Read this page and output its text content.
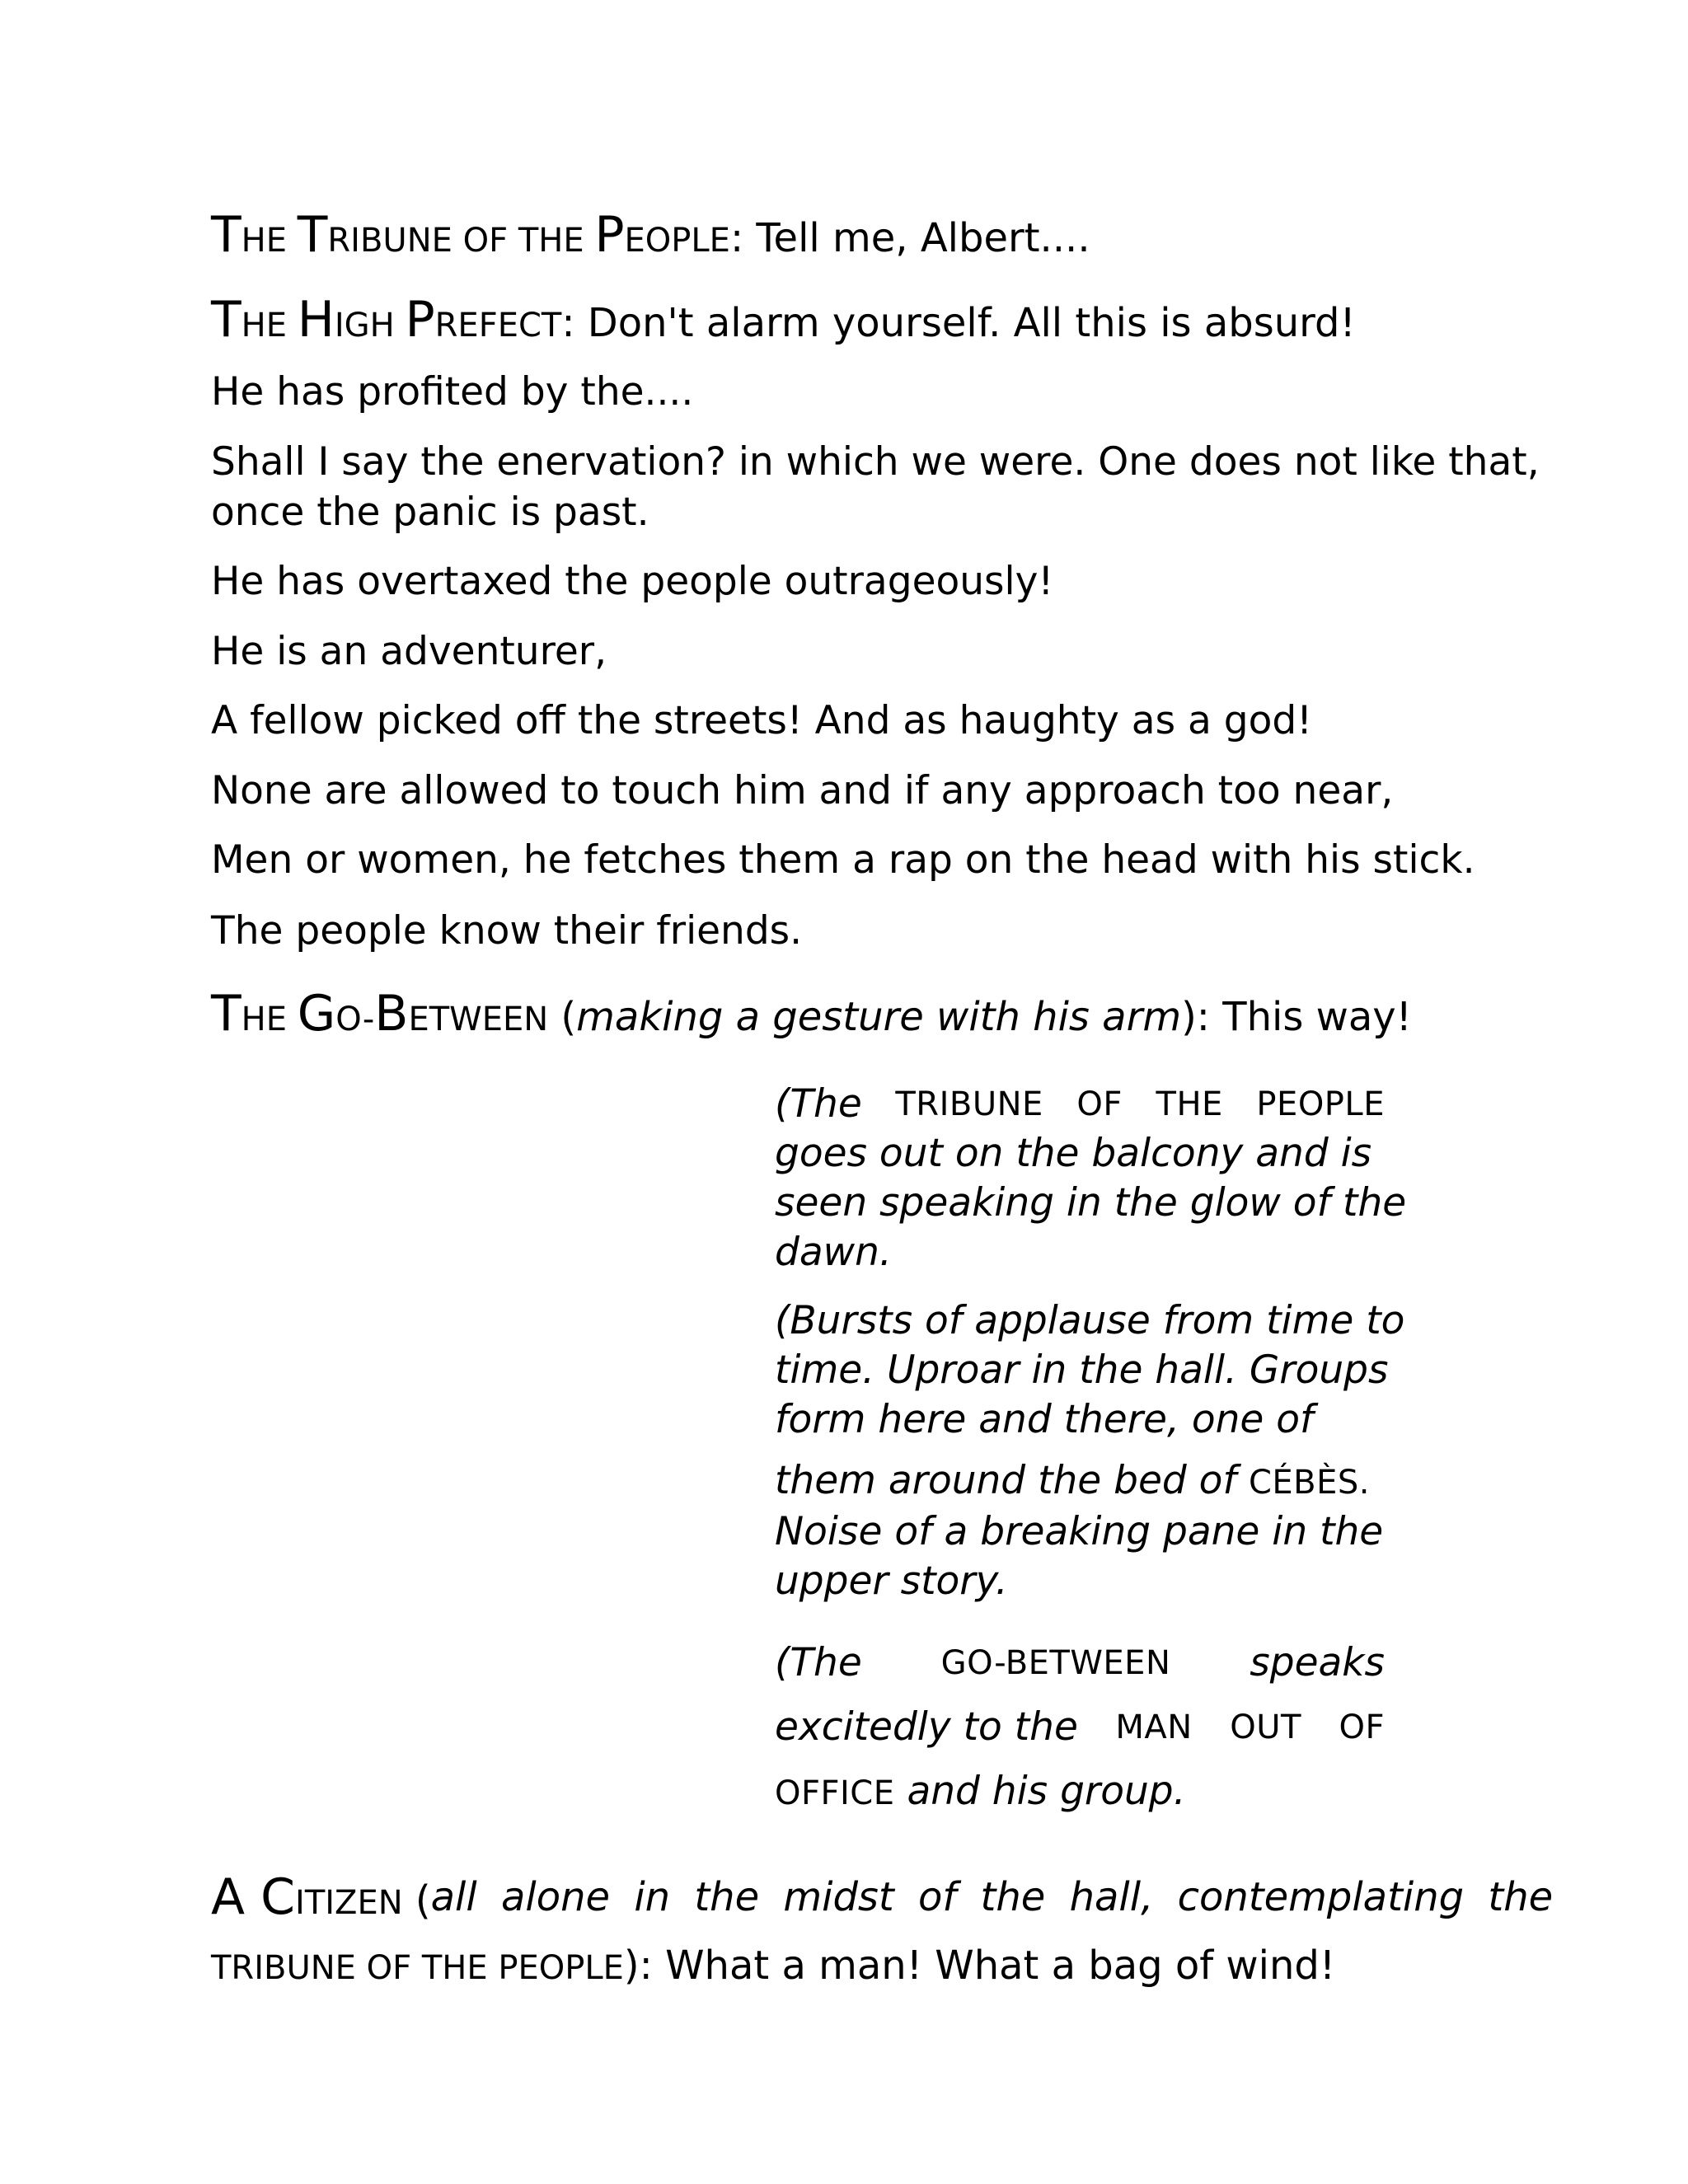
THE TRIBUNE OF THE PEOPLE: Tell me, Albert....
THE HIGH PREFECT: Don't alarm yourself. All this is absurd!
He has profited by the....
Shall I say the enervation? in which we were. One does not like that,
once the panic is past.
He has overtaxed the people outrageously!
He is an adventurer,
A fellow picked off the streets! And as haughty as a god!
None are allowed to touch him and if any approach too near,
Men or women, he fetches them a rap on the head with his stick.
The people know their friends.
THE GO-BETWEEN (making a gesture with his arm): This way!
(The TRIBUNE OF THE PEOPLE
goes out on the balcony and is
seen speaking in the glow of the
dawn.
(Bursts of applause from time to
time. Uproar in the hall. Groups
form here and there, one of
them around the bed of CÉBÈS.
Noise of a breaking pane in the
upper story.
(The GO-BETWEEN speaks
excitedly to the MAN OUT OF
OFFICE and his group.
A CITIZEN ( all alone in the midst of the hall, contemplating the
TRIBUNE OF THE PEOPLE): What a man! What a bag of wind!
